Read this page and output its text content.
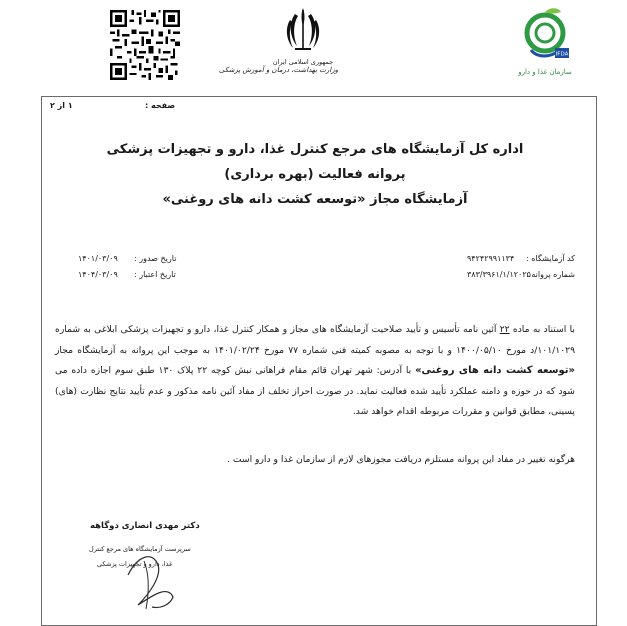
جمهوری اسلامی ایران
وزارت بهداشت، درمان و آموزش پزشکی
IFDA
سازمان غذا و دارو
۱ از ۲	صفحه :
اداره کل آزمایشگاه های مرجع کنترل غذا، دارو و تجهیزات پزشکی
پروانه فعالیت (بهره برداری)
آزمایشگاه مجاز «توسعه کشت دانه های روغنی»
کد آزمایشگاه :
۹۴۲۴۲۹۹۱۱۳۴
شماره پروانه :
۳۸۳/۳۹۶۱/۱/۱۲۰۲۵
تاریخ صدور :
۱۴۰۱/۰۳/۰۹
تاریخ اعتبار :
۱۴۰۴/۰۳/۰۹
با استناد به ماده ۲۲ آئین نامه تأسیس و تأیید صلاحیت آزمایشگاه های مجاز و همکار کنترل غذا، دارو و تجهیزات پزشکی ابلاغی به شماره ۱۰۱/۱۰۲۹/د مورخ ۱۴۰۰/۰۵/۱۰ و با توجه به مصوبه کمیته فنی شماره ۷۷ مورخ ۱۴۰۱/۰۲/۲۴ به موجب این پروانه به آزمایشگاه مجاز «توسعه کشت دانه های روغنی» با آدرس: شهر تهران قائم مقام فراهانی نبش کوچه ۲۲ پلاک ۱۳۰ طبق سوم اجازه داده می شود که در حوزه و دامنه عملکرد تأیید شده فعالیت نماید. در صورت احراز تخلف از مفاد آئین نامه مذکور و عدم تأیید نتایج نظارت (های) پسینی، مطابق قوانین و مقررات مربوطه اقدام خواهد شد.
هرگونه تغییر در مفاد این پروانه مستلزم دریافت مجوزهای لازم از سازمان غذا و دارو است .
دکتر مهدی انصاری دوگاهه
سرپرست آزمایشگاه های مرجع کنترل
غذا، دارو و تجهیزات پزشکی
